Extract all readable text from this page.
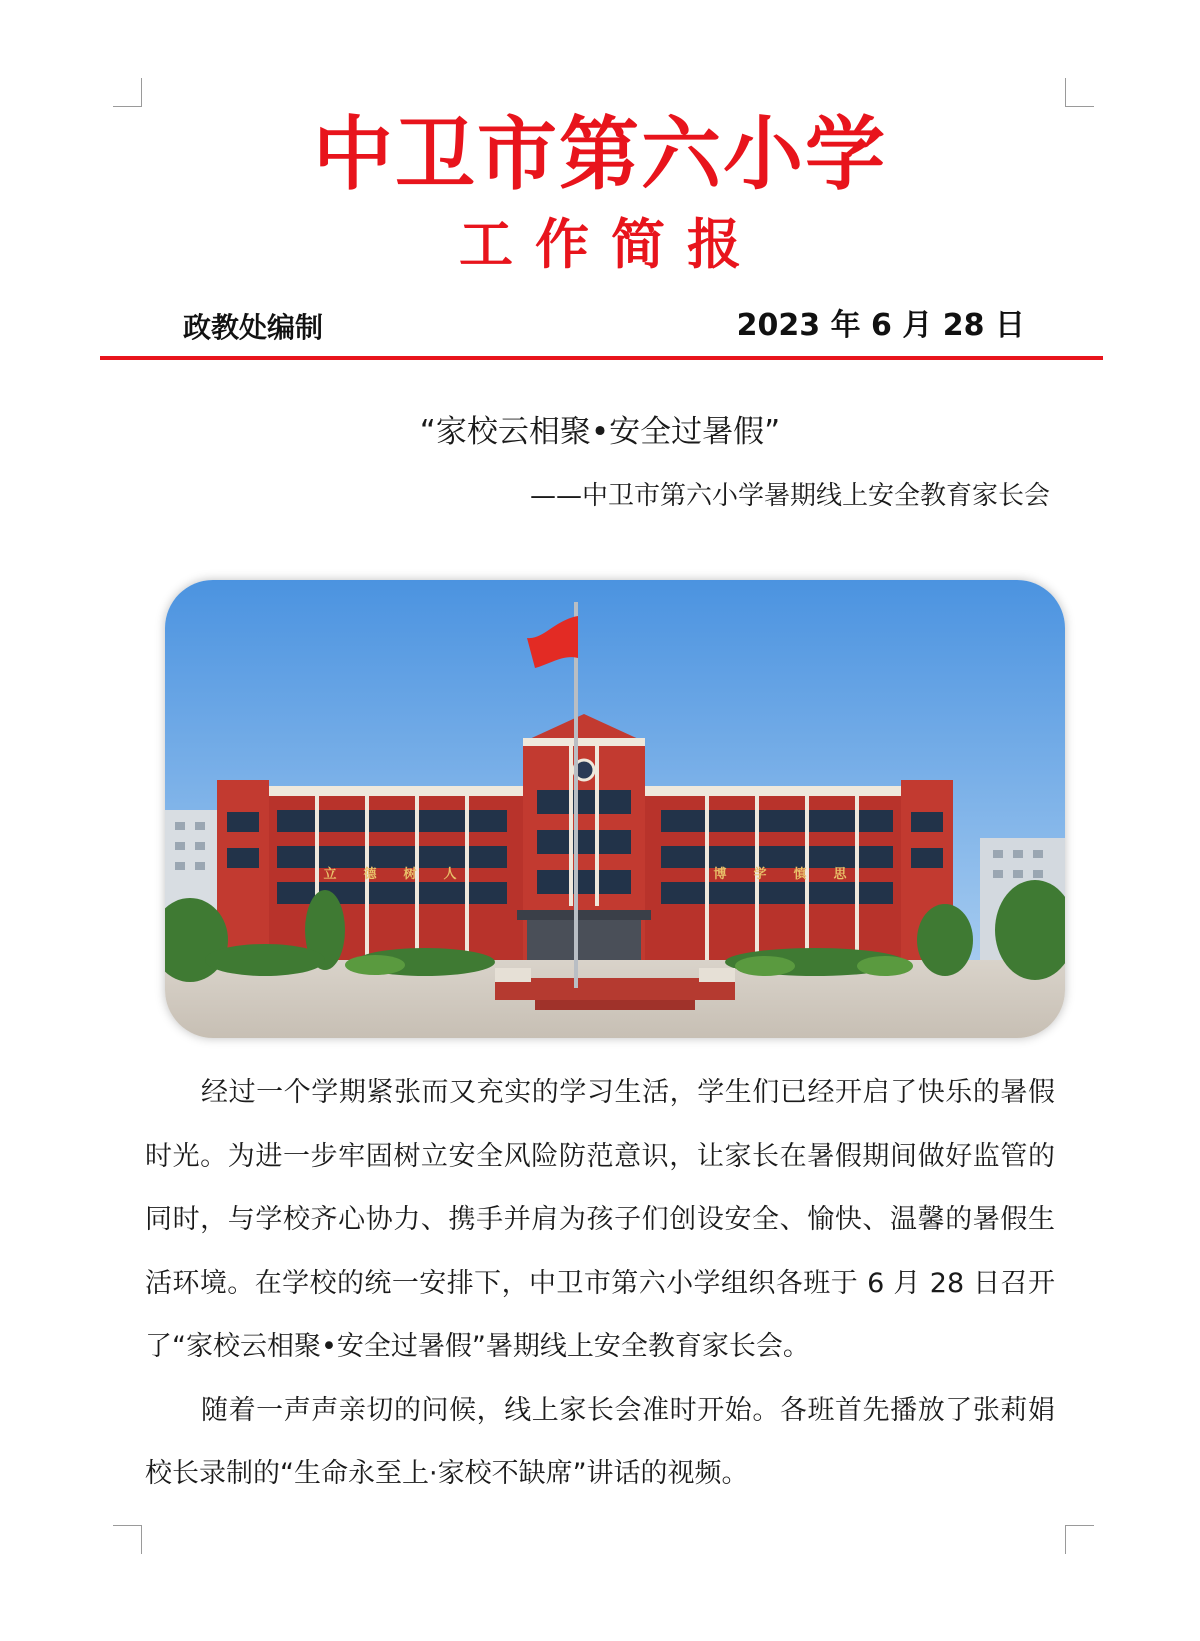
中卫市第六小学
工作简报
政教处编制	2023 年 6 月 28 日
“家校云相聚•安全过暑假”
——中卫市第六小学暑期线上安全教育家长会
立 德 树 人	博 学 慎 思

经过一个学期紧张而又充实的学习生活，学生们已经开启了快乐的暑假时光。为进一步牢固树立安全风险防范意识，让家长在暑假期间做好监管的同时，与学校齐心协力、携手并肩为孩子们创设安全、愉快、温馨的暑假生活环境。在学校的统一安排下，中卫市第六小学组织各班于 6 月 28 日召开了“家校云相聚•安全过暑假”暑期线上安全教育家长会。

随着一声声亲切的问候，线上家长会准时开始。各班首先播放了张莉娟校长录制的“生命永至上·家校不缺席”讲话的视频。
